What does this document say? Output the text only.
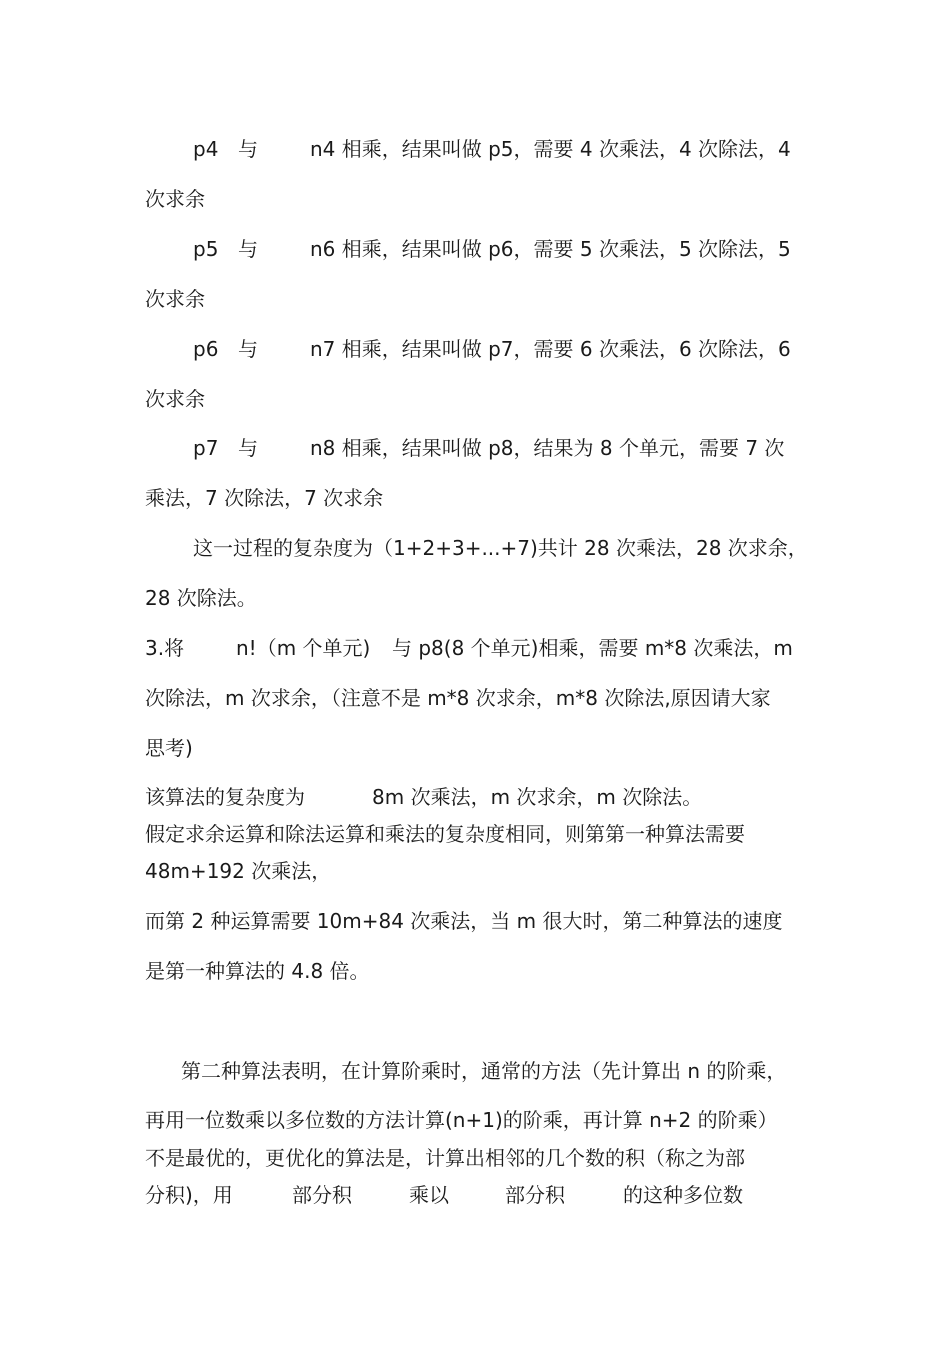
p4

与

	n4 相乘，结果叫做 p5，需要 4 次乘法，4 次除法，4

次求余

p5

与

	n6 相乘，结果叫做 p6，需要 5 次乘法，5 次除法，5

次求余

p6

与

	n7 相乘，结果叫做 p7，需要 6 次乘法，6 次除法，6

次求余

p7

与

	n8 相乘，结果叫做 p8，结果为 8 个单元，需要 7 次

乘法，7 次除法，7 次求余

这一过程的复杂度为（1+2+3+...+7)共计 28 次乘法，28 次求余，

28 次除法。

3.将

	n!（m 个单元)

与 p8(8 个单元)相乘，需要 m*8 次乘法，m

次除法，m 次求余，（注意不是 m*8 次求余，m*8 次除法,原因请大家

思考)

该算法的复杂度为

	8m 次乘法，m 次求余，m 次除法。

假定求余运算和除法运算和乘法的复杂度相同，则第第一种算法需要

48m+192 次乘法，

而第 2 种运算需要 10m+84 次乘法，当 m 很大时，第二种算法的速度

是第一种算法的 4.8 倍。

第二种算法表明，在计算阶乘时，通常的方法（先计算出 n 的阶乘，

再用一位数乘以多位数的方法计算(n+1)的阶乘，再计算 n+2 的阶乘）

不是最优的，更优化的算法是，计算出相邻的几个数的积（称之为部

分积)，用

	部分积

	乘以

	部分积

	的这种多位数
